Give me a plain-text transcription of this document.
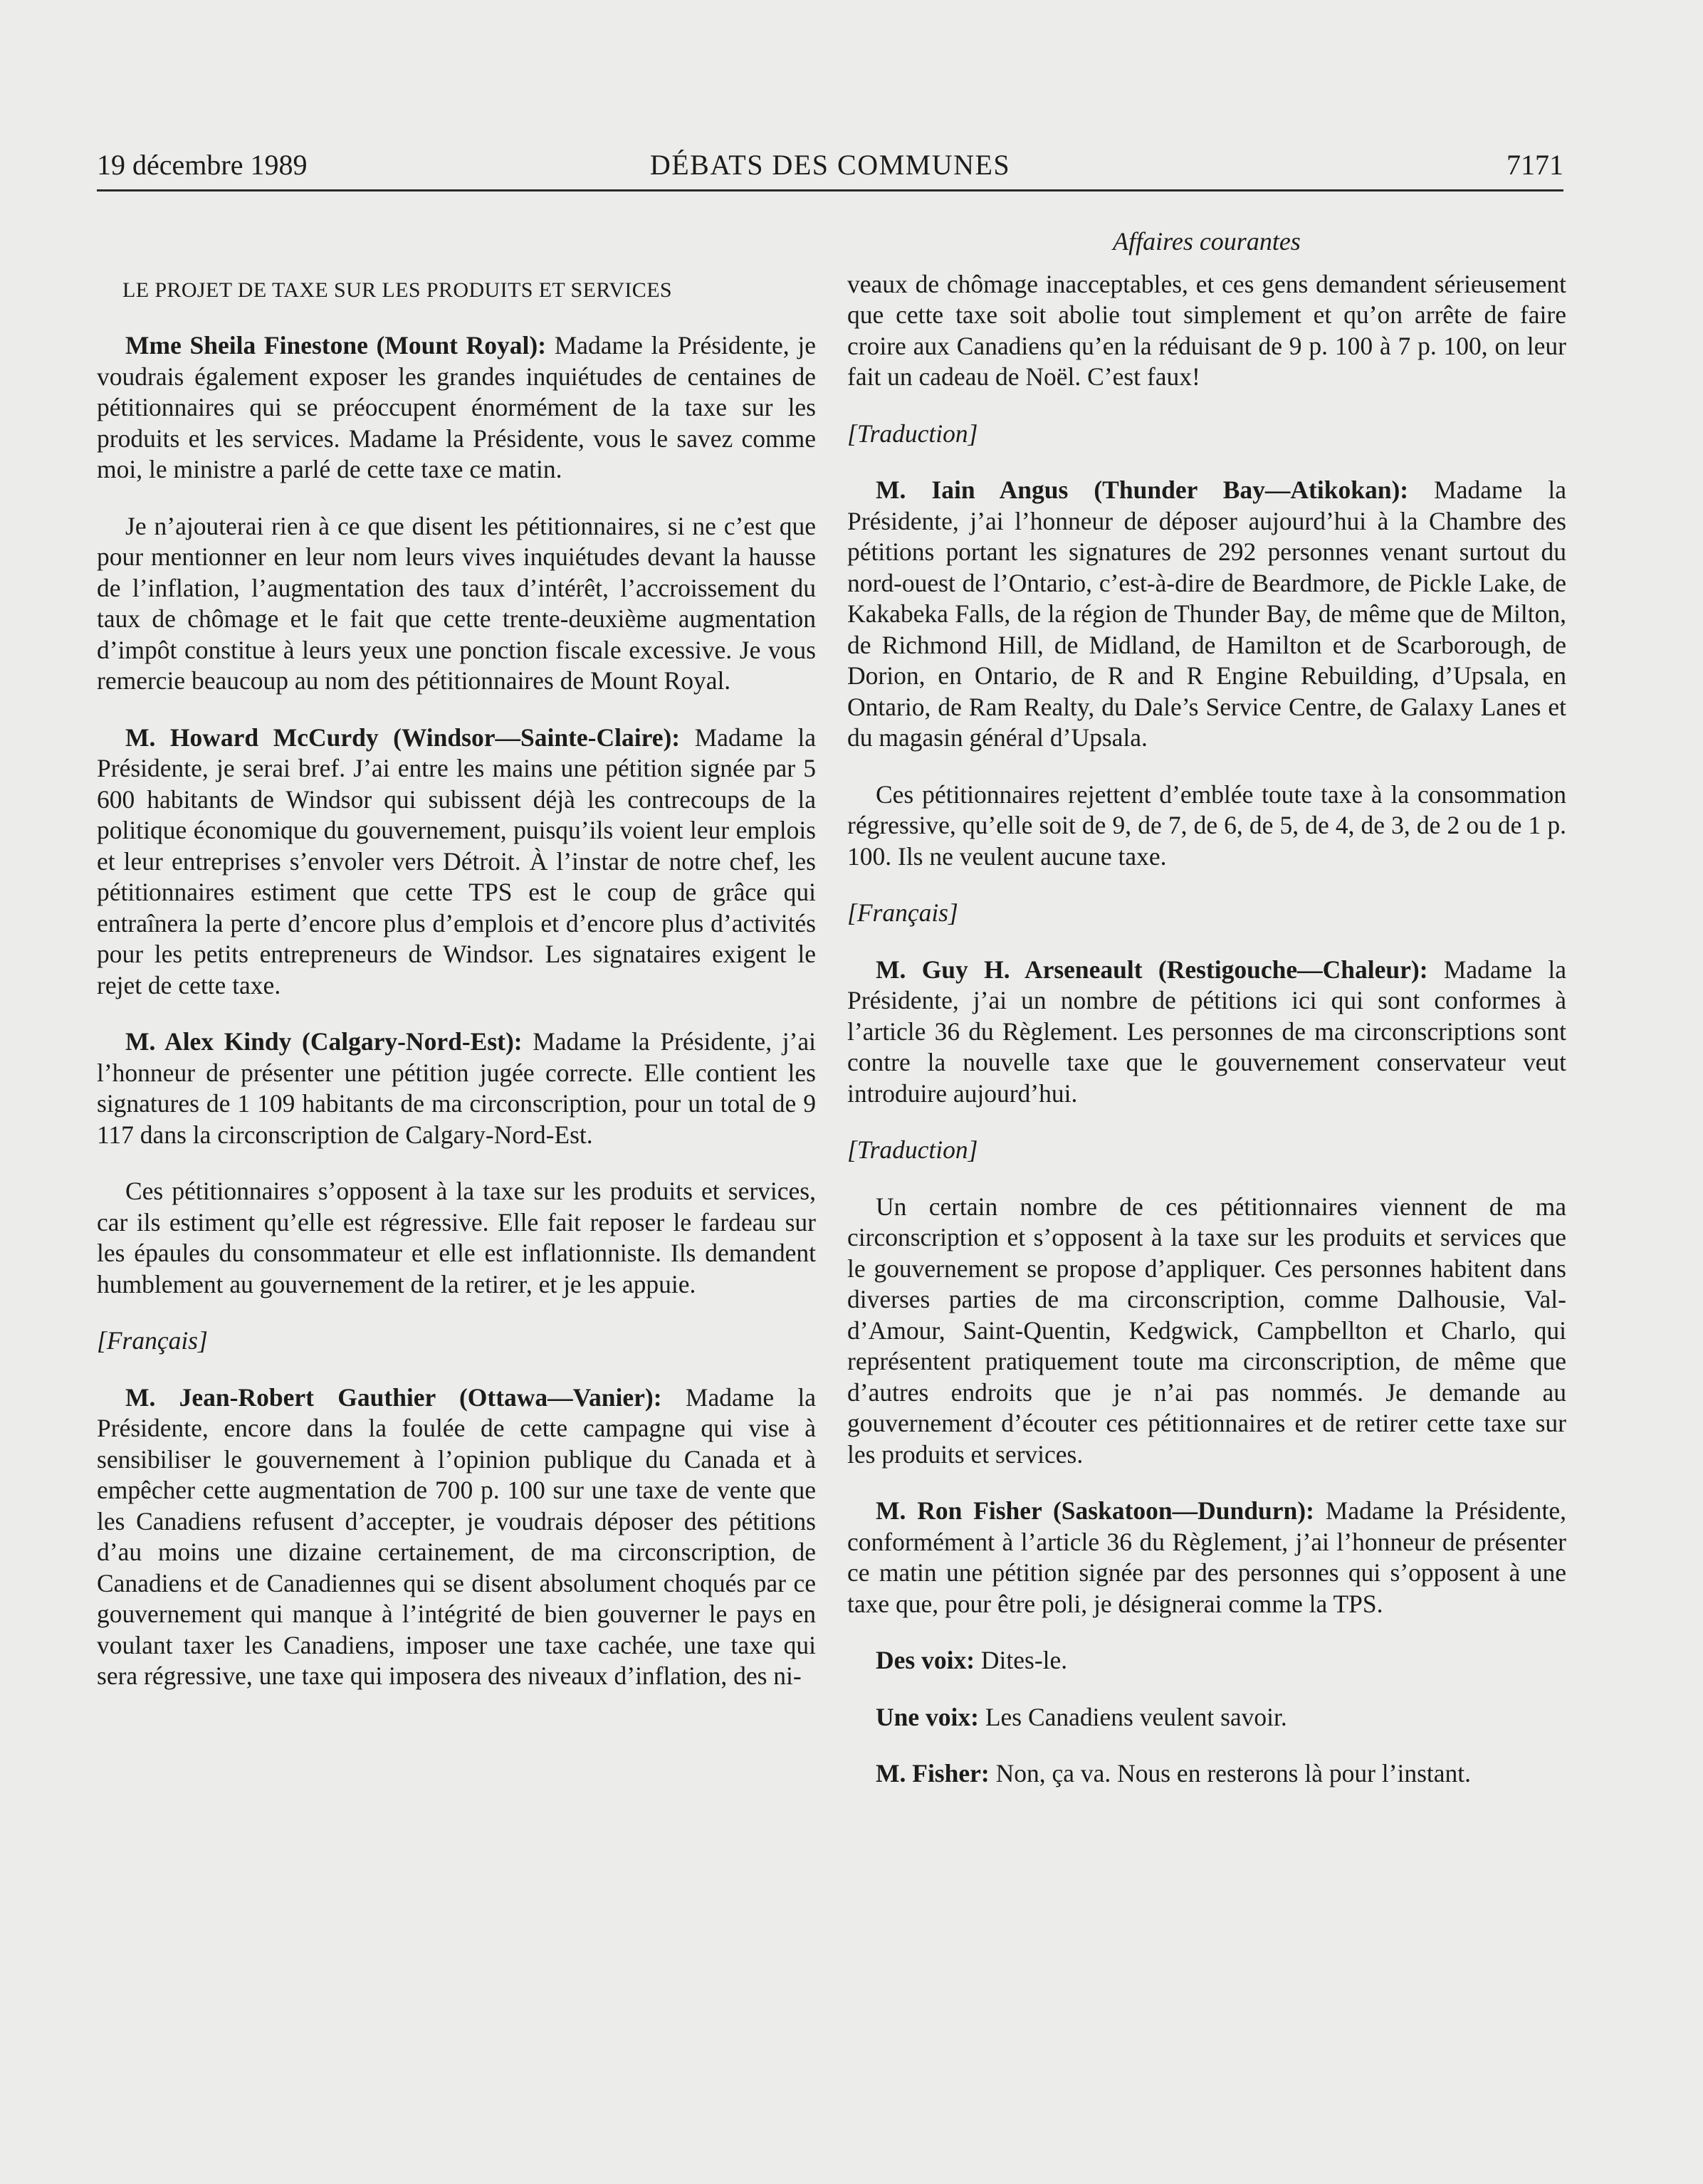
19 décembre 1989	DÉBATS DES COMMUNES	7171
LE PROJET DE TAXE SUR LES PRODUITS ET SERVICES

Mme Sheila Finestone (Mount Royal): Madame la Présidente, je voudrais également exposer les grandes inquiétudes de centaines de pétitionnaires qui se préoccupent énormément de la taxe sur les produits et les services. Madame la Présidente, vous le savez comme moi, le ministre a parlé de cette taxe ce matin.

Je n’ajouterai rien à ce que disent les pétitionnaires, si ne c’est que pour mentionner en leur nom leurs vives inquiétudes devant la hausse de l’inflation, l’augmentation des taux d’intérêt, l’accroissement du taux de chômage et le fait que cette trente-deuxième augmentation d’impôt constitue à leurs yeux une ponction fiscale excessive. Je vous remercie beaucoup au nom des pétitionnaires de Mount Royal.

M. Howard McCurdy (Windsor—Sainte-Claire): Madame la Présidente, je serai bref. J’ai entre les mains une pétition signée par 5 600 habitants de Windsor qui subissent déjà les contrecoups de la politique économique du gouvernement, puisqu’ils voient leur emplois et leur entreprises s’envoler vers Détroit. À l’instar de notre chef, les pétitionnaires estiment que cette TPS est le coup de grâce qui entraînera la perte d’encore plus d’emplois et d’encore plus d’activités pour les petits entrepreneurs de Windsor. Les signataires exigent le rejet de cette taxe.

M. Alex Kindy (Calgary-Nord-Est): Madame la Présidente, j’ai l’honneur de présenter une pétition jugée correcte. Elle contient les signatures de 1 109 habitants de ma circonscription, pour un total de 9 117 dans la circonscription de Calgary-Nord-Est.

Ces pétitionnaires s’opposent à la taxe sur les produits et services, car ils estiment qu’elle est régressive. Elle fait reposer le fardeau sur les épaules du consommateur et elle est inflationniste. Ils demandent humblement au gouvernement de la retirer, et je les appuie.

[Français]

M. Jean-Robert Gauthier (Ottawa—Vanier): Madame la Présidente, encore dans la foulée de cette campagne qui vise à sensibiliser le gouvernement à l’opinion publique du Canada et à empêcher cette augmentation de 700 p. 100 sur une taxe de vente que les Canadiens refusent d’accepter, je voudrais déposer des pétitions d’au moins une dizaine certainement, de ma circonscription, de Canadiens et de Canadiennes qui se disent absolument choqués par ce gouvernement qui manque à l’intégrité de bien gouverner le pays en voulant taxer les Canadiens, imposer une taxe cachée, une taxe qui sera régressive, une taxe qui imposera des niveaux d’inflation, des ni-

Affaires courantes

veaux de chômage inacceptables, et ces gens demandent sérieusement que cette taxe soit abolie tout simplement et qu’on arrête de faire croire aux Canadiens qu’en la réduisant de 9 p. 100 à 7 p. 100, on leur fait un cadeau de Noël. C’est faux!

[Traduction]

M. Iain Angus (Thunder Bay—Atikokan): Madame la Présidente, j’ai l’honneur de déposer aujourd’hui à la Chambre des pétitions portant les signatures de 292 personnes venant surtout du nord-ouest de l’Ontario, c’est-à-dire de Beardmore, de Pickle Lake, de Kakabeka Falls, de la région de Thunder Bay, de même que de Milton, de Richmond Hill, de Midland, de Hamilton et de Scarborough, de Dorion, en Ontario, de R and R Engine Rebuilding, d’Upsala, en Ontario, de Ram Realty, du Dale’s Service Centre, de Galaxy Lanes et du magasin général d’Upsala.

Ces pétitionnaires rejettent d’emblée toute taxe à la consommation régressive, qu’elle soit de 9, de 7, de 6, de 5, de 4, de 3, de 2 ou de 1 p. 100. Ils ne veulent aucune taxe.

[Français]

M. Guy H. Arseneault (Restigouche—Chaleur): Madame la Présidente, j’ai un nombre de pétitions ici qui sont conformes à l’article 36 du Règlement. Les personnes de ma circonscriptions sont contre la nouvelle taxe que le gouvernement conservateur veut introduire aujourd’hui.

[Traduction]

Un certain nombre de ces pétitionnaires viennent de ma circonscription et s’opposent à la taxe sur les produits et services que le gouvernement se propose d’appliquer. Ces personnes habitent dans diverses parties de ma circonscription, comme Dalhousie, Val-d’Amour, Saint-Quentin, Kedgwick, Campbellton et Charlo, qui représentent pratiquement toute ma circonscription, de même que d’autres endroits que je n’ai pas nommés. Je demande au gouvernement d’écouter ces pétitionnaires et de retirer cette taxe sur les produits et services.

M. Ron Fisher (Saskatoon—Dundurn): Madame la Présidente, conformément à l’article 36 du Règlement, j’ai l’honneur de présenter ce matin une pétition signée par des personnes qui s’opposent à une taxe que, pour être poli, je désignerai comme la TPS.

Des voix: Dites-le.

Une voix: Les Canadiens veulent savoir.

M. Fisher: Non, ça va. Nous en resterons là pour l’instant.
